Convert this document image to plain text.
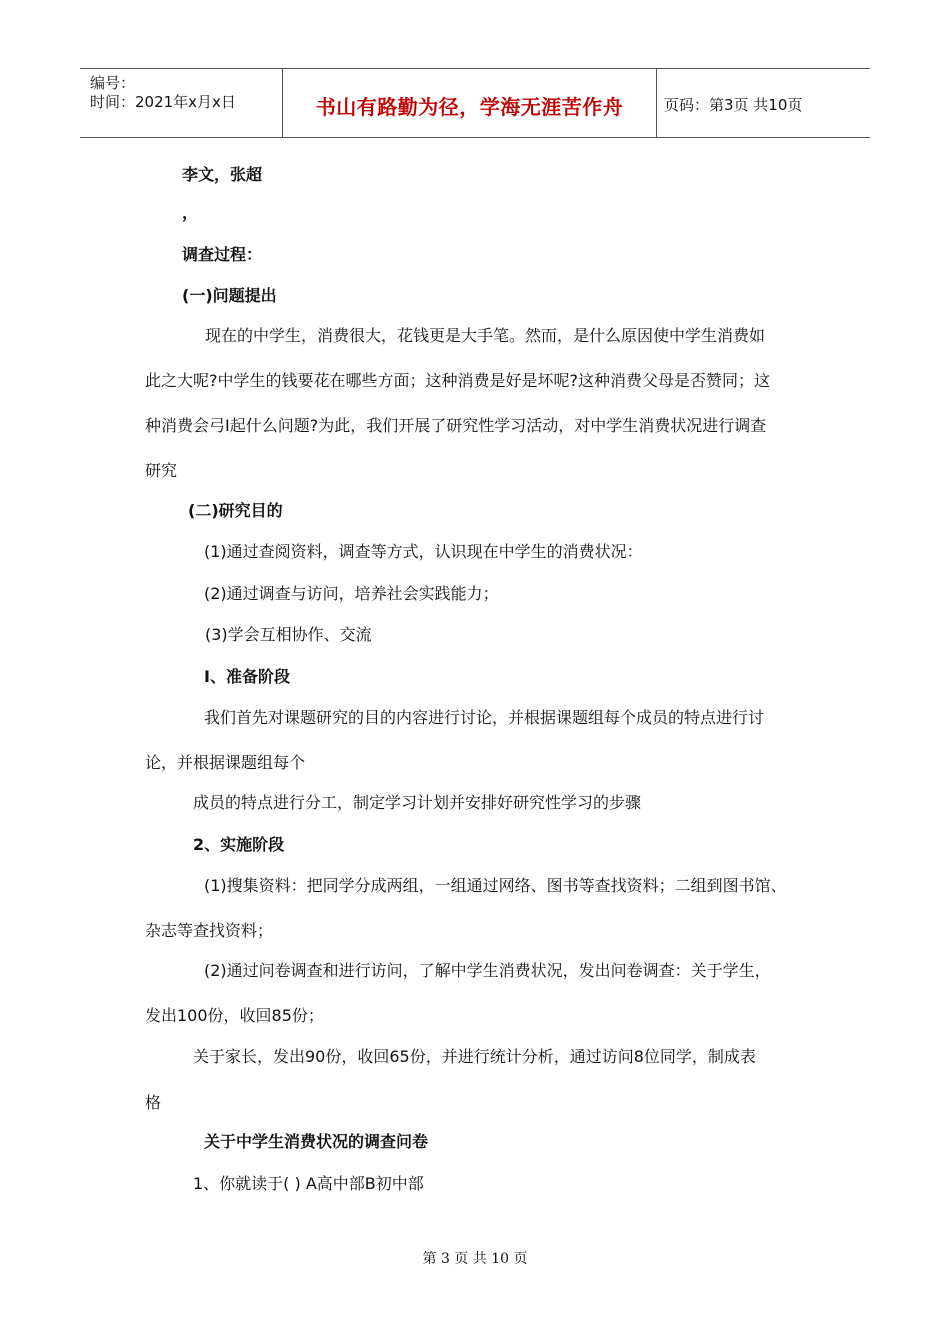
编号：
时间：2021年x月x日	书山有路勤为径，学海无涯苦作舟	页码：第3页 共10页
李文，张超
，
调查过程：
(一)问题提出
现在的中学生，消费很大，花钱更是大手笔。然而，是什么原因使中学生消费如
此之大呢?中学生的钱要花在哪些方面；这种消费是好是坏呢?这种消费父母是否赞同；这
种消费会弓I起什么问题?为此，我们开展了研究性学习活动，对中学生消费状况进行调查
研究
(二)研究目的
(1)通过查阅资料，调查等方式，认识现在中学生的消费状况：
(2)通过调查与访问，培养社会实践能力；
(3)学会互相协作、交流
I、准备阶段
我们首先对课题研究的目的内容进行讨论，并根据课题组每个成员的特点进行讨
论，并根据课题组每个
成员的特点进行分工，制定学习计划并安排好研究性学习的步骤
2、实施阶段
(1)搜集资料：把同学分成两组，一组通过网络、图书等查找资料；二组到图书馆、
杂志等查找资料；
(2)通过问卷调查和进行访问，了解中学生消费状况，发出问卷调查：关于学生，
发出100份，收回85份；
关于家长，发出90份，收回65份，并进行统计分析，通过访问8位同学，制成表
格
关于中学生消费状况的调查问卷
1、你就读于( ) A高中部B初中部
第 3 页 共 10 页
